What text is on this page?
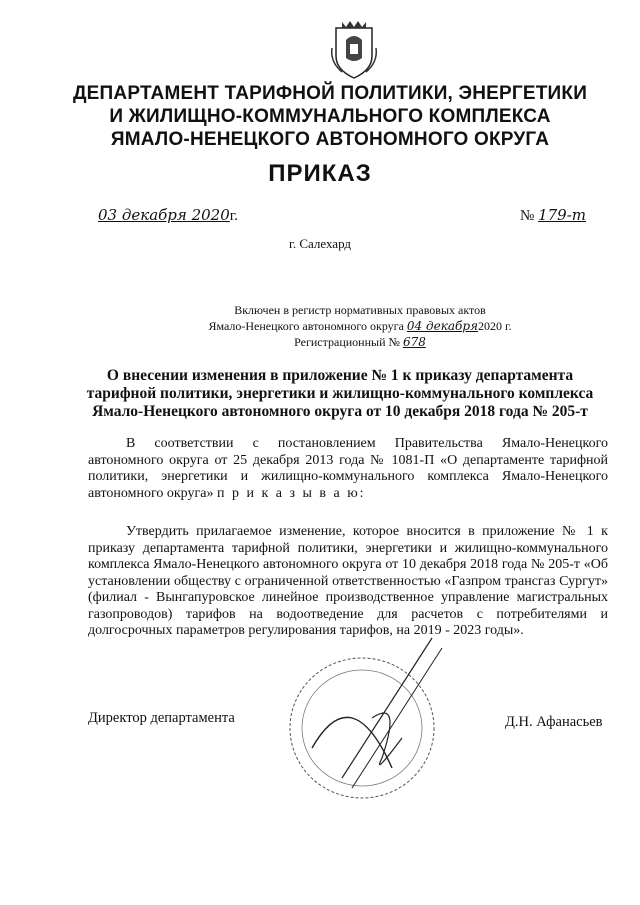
ДЕПАРТАМЕНТ ТАРИФНОЙ ПОЛИТИКИ, ЭНЕРГЕТИКИ
И ЖИЛИЩНО-КОММУНАЛЬНОГО КОМПЛЕКСА
ЯМАЛО-НЕНЕЦКОГО АВТОНОМНОГО ОКРУГА
ПРИКАЗ
03 декабря 2020г.	№ 179-т
г. Салехард
Включен в регистр нормативных правовых актов
Ямало-Ненецкого автономного округа 04 декабря2020 г.
Регистрационный № 678
О внесении изменения в приложение № 1 к приказу департамента
тарифной политики, энергетики и жилищно-коммунального комплекса
Ямало-Ненецкого автономного округа от 10 декабря 2018 года № 205-т
В соответствии с постановлением Правительства Ямало-Ненецкого автономного округа от 25 декабря 2013 года № 1081-П «О департаменте тарифной политики, энергетики и жилищно-коммунального комплекса Ямало-Ненецкого автономного округа» п р и к а з ы в а ю:
Утвердить прилагаемое изменение, которое вносится в приложение № 1 к приказу департамента тарифной политики, энергетики и жилищно-коммунального комплекса Ямало-Ненецкого автономного округа от 10 декабря 2018 года № 205-т «Об установлении обществу с ограниченной ответственностью «Газпром трансгаз Сургут» (филиал - Вынгапуровское линейное производственное управление магистральных газопроводов) тарифов на водоотведение для расчетов с потребителями и долгосрочных параметров регулирования тарифов, на 2019 - 2023 годы».
Директор департамента	Д.Н. Афанасьев
